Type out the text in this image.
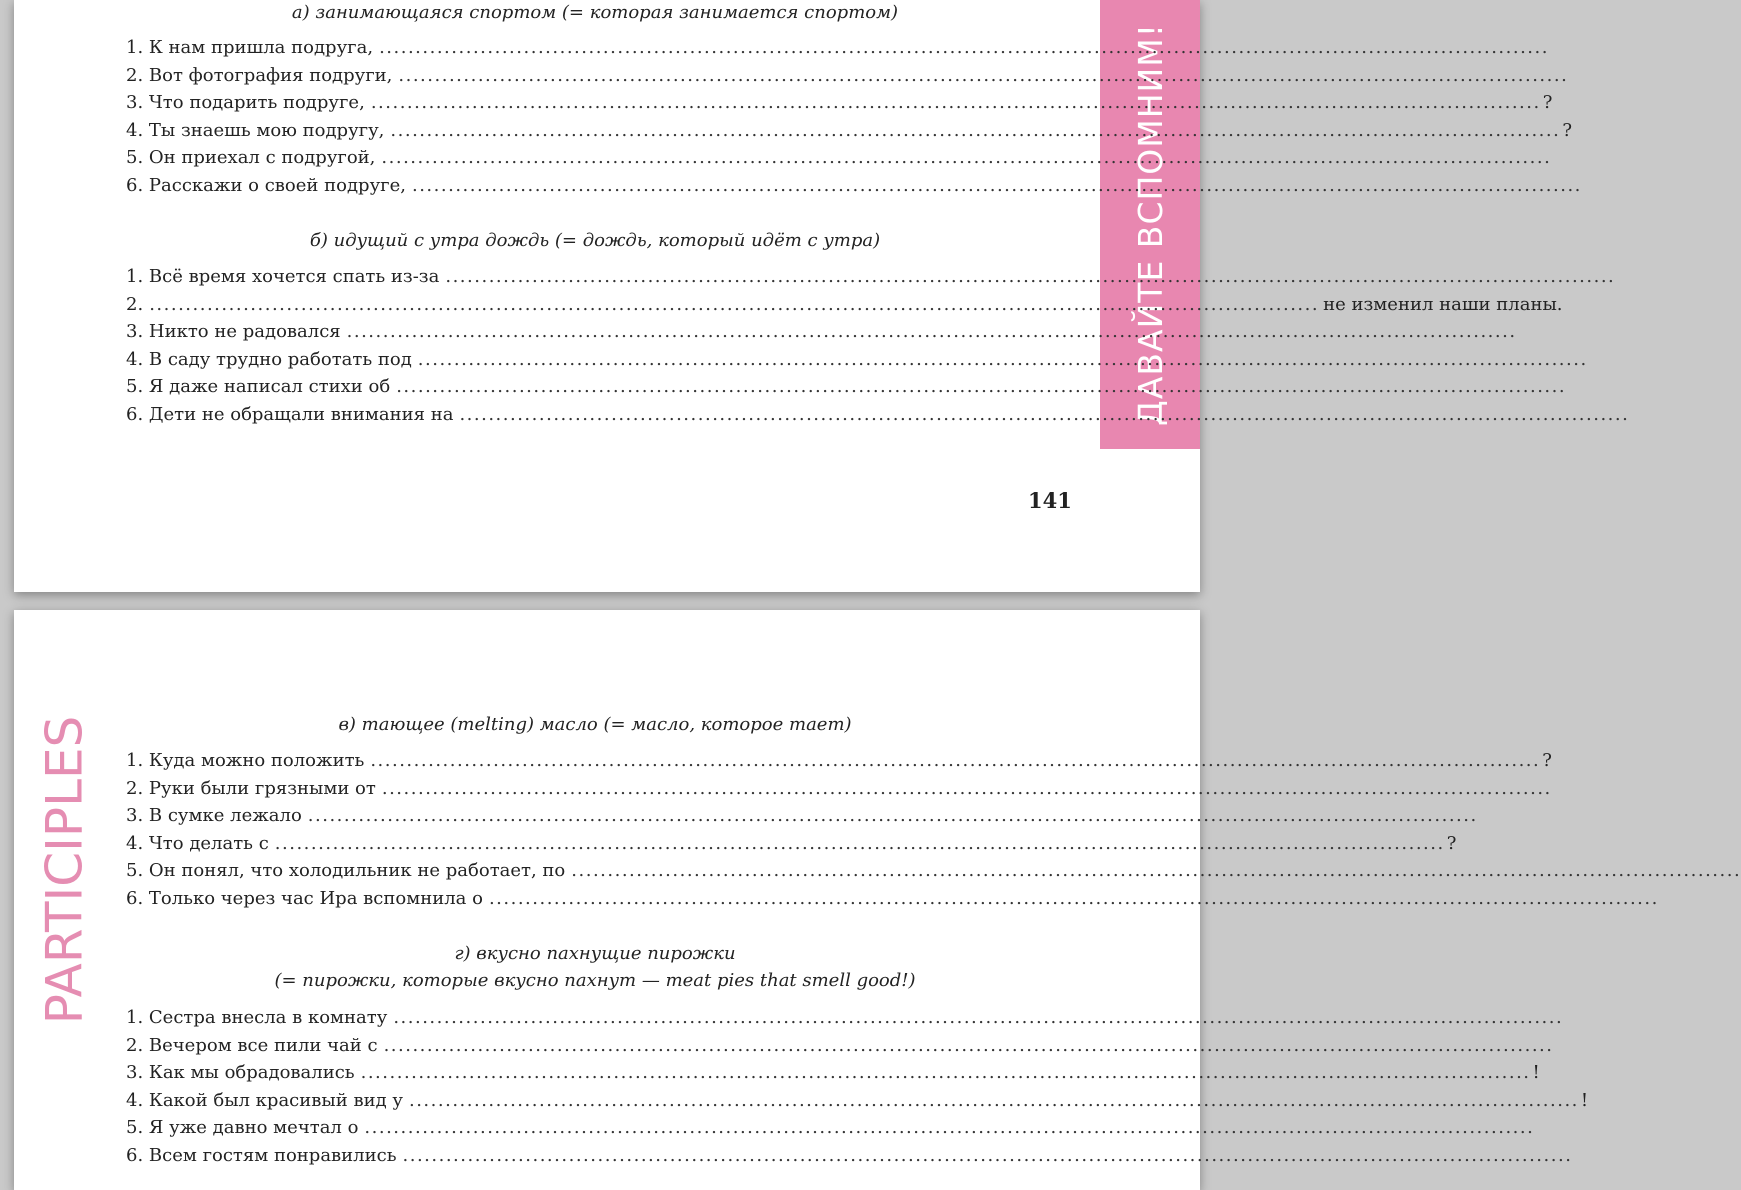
ДАВАЙТЕ ВСПОМНИМ!
PARTICIPLES
а) занимающаяся спортом (= которая занимается спортом)
1. К нам пришла подруга, ..................................................................................................................................................................
2. Вот фотография подруги, ..................................................................................................................................................................
3. Что подарить подруге, .................................................................................................................................................................. ?
4. Ты знаешь мою подругу, .................................................................................................................................................................. ?
5. Он приехал с подругой, ..................................................................................................................................................................
6. Расскажи о своей подруге, ..................................................................................................................................................................
б) идущий с утра дождь (= дождь, который идёт с утра)
1. Всё время хочется спать из-за ..................................................................................................................................................................
2. .................................................................................................................................................................. не изменил наши планы.
3. Никто не радовался ..................................................................................................................................................................
4. В саду трудно работать под ..................................................................................................................................................................
5. Я даже написал стихи об ..................................................................................................................................................................
6. Дети не обращали внимания на ..................................................................................................................................................................
141
в) тающее (melting) масло (= масло, которое тает)
1. Куда можно положить .................................................................................................................................................................. ?
2. Руки были грязными от ..................................................................................................................................................................
3. В сумке лежало ..................................................................................................................................................................
4. Что делать с .................................................................................................................................................................. ?
5. Он понял, что холодильник не работает, по ..................................................................................................................................................................
6. Только через час Ира вспомнила о ..................................................................................................................................................................
г) вкусно пахнущие пирожки
(= пирожки, которые вкусно пахнут — meat pies that smell good!)
1. Сестра внесла в комнату ..................................................................................................................................................................
2. Вечером все пили чай с ..................................................................................................................................................................
3. Как мы обрадовались .................................................................................................................................................................. !
4. Какой был красивый вид у .................................................................................................................................................................. !
5. Я уже давно мечтал о ..................................................................................................................................................................
6. Всем гостям понравились ..................................................................................................................................................................
